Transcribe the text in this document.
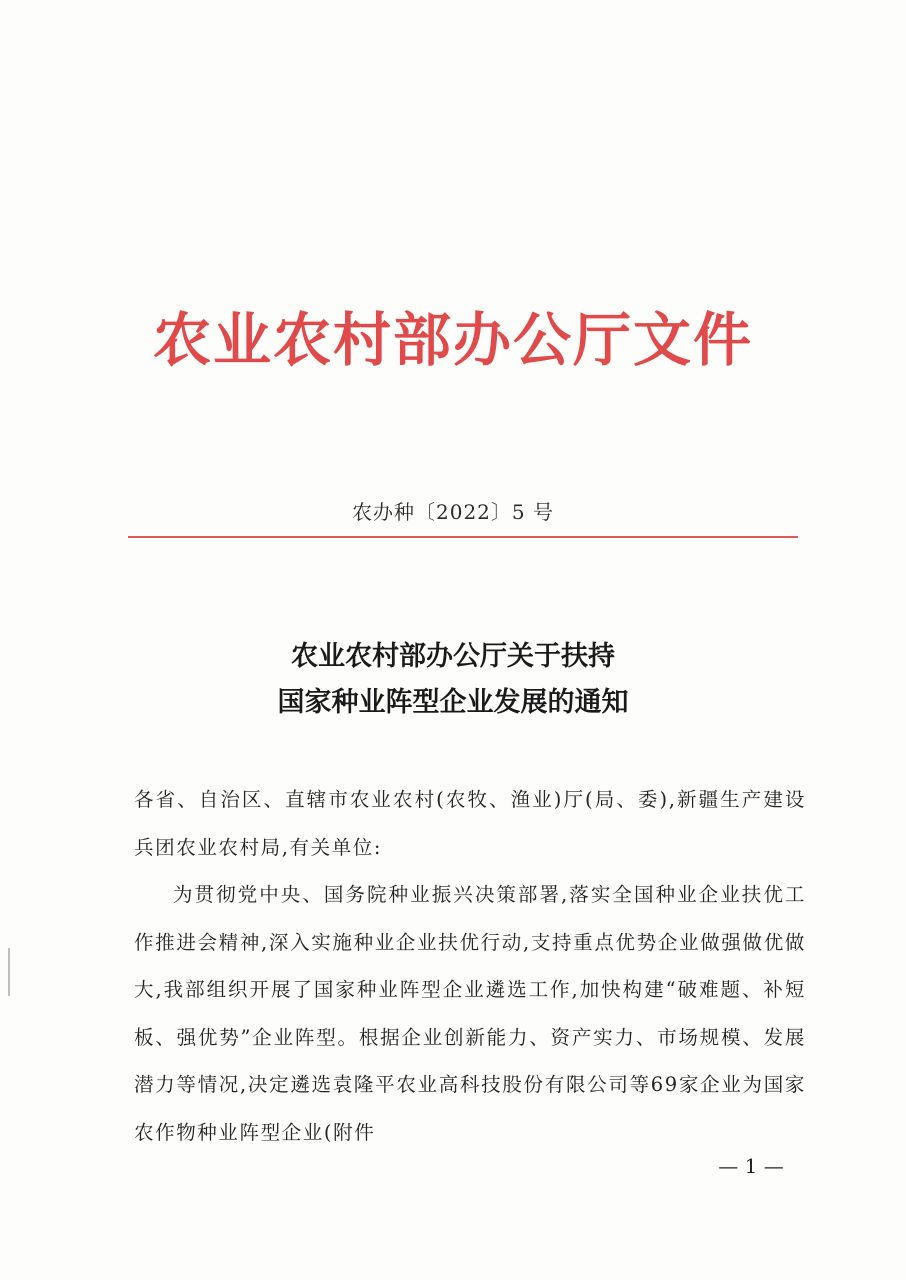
农业农村部办公厅文件
农办种〔2022〕5 号
农业农村部办公厅关于扶持
国家种业阵型企业发展的通知

各省、自治区、直辖市农业农村(农牧、渔业)厅(局、委),新疆生产建设兵团农业农村局,有关单位:

为贯彻党中央、国务院种业振兴决策部署,落实全国种业企业扶优工作推进会精神,深入实施种业企业扶优行动,支持重点优势企业做强做优做大,我部组织开展了国家种业阵型企业遴选工作,加快构建“破难题、补短板、强优势”企业阵型。根据企业创新能力、资产实力、市场规模、发展潜力等情况,决定遴选袁隆平农业高科技股份有限公司等69家企业为国家农作物种业阵型企业(附件

— 1 —
